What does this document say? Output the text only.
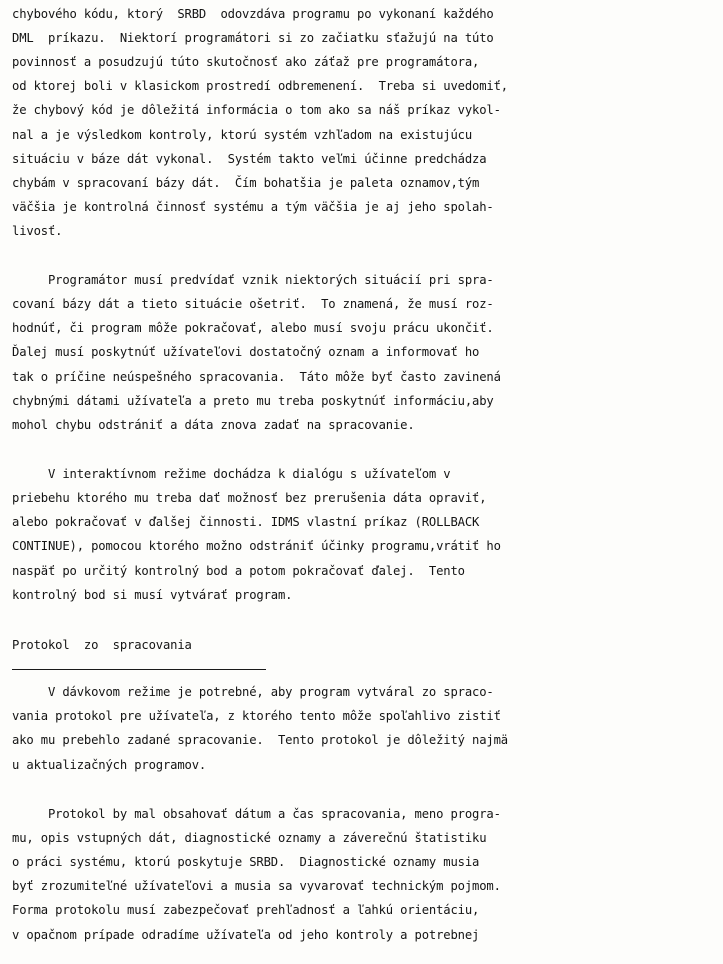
chybového kódu, ktorý  SRBD  odovzdáva programu po vykonaní každého
DML  príkazu.  Niektorí programátori si zo začiatku sťažujú na túto
povinnosť a posudzujú túto skutočnosť ako záťaž pre programátora,
od ktorej boli v klasickom prostredí odbremenení.  Treba si uvedomiť,
že chybový kód je dôležitá informácia o tom ako sa náš príkaz vykol-
nal a je výsledkom kontroly, ktorú systém vzhľadom na existujúcu
situáciu v báze dát vykonal.  Systém takto veľmi účinne predchádza
chybám v spracovaní bázy dát.  Čím bohatšia je paleta oznamov,tým
väčšia je kontrolná činnosť systému a tým väčšia je aj jeho spolah-
livosť.
Programátor musí predvídať vznik niektorých situácií pri spra-
covaní bázy dát a tieto situácie ošetriť.  To znamená, že musí roz-
hodnúť, či program môže pokračovať, alebo musí svoju prácu ukončiť.
Ďalej musí poskytnúť užívateľovi dostatočný oznam a informovať ho
tak o príčine neúspešného spracovania.  Táto môže byť často zavinená
chybnými dátami užívateľa a preto mu treba poskytnúť informáciu,aby
mohol chybu odstrániť a dáta znova zadať na spracovanie.
V interaktívnom režime dochádza k dialógu s užívateľom v
priebehu ktorého mu treba dať možnosť bez prerušenia dáta opraviť,
alebo pokračovať v ďalšej činnosti. IDMS vlastní príkaz (ROLLBACK
CONTINUE), pomocou ktorého možno odstrániť účinky programu,vrátiť ho
naspäť po určitý kontrolný bod a potom pokračovať ďalej.  Tento
kontrolný bod si musí vytvárať program.
Protokol  zo  spracovania
V dávkovom režime je potrebné, aby program vytváral zo spraco-
vania protokol pre užívateľa, z ktorého tento môže spoľahlivo zistiť
ako mu prebehlo zadané spracovanie.  Tento protokol je dôležitý najmä
u aktualizačných programov.
Protokol by mal obsahovať dátum a čas spracovania, meno progra-
mu, opis vstupných dát, diagnostické oznamy a záverečnú štatistiku
o práci systému, ktorú poskytuje SRBD.  Diagnostické oznamy musia
byť zrozumiteľné užívateľovi a musia sa vyvarovať technickým pojmom.
Forma protokolu musí zabezpečovať prehľadnosť a ľahkú orientáciu,
v opačnom prípade odradíme užívateľa od jeho kontroly a potrebnej
